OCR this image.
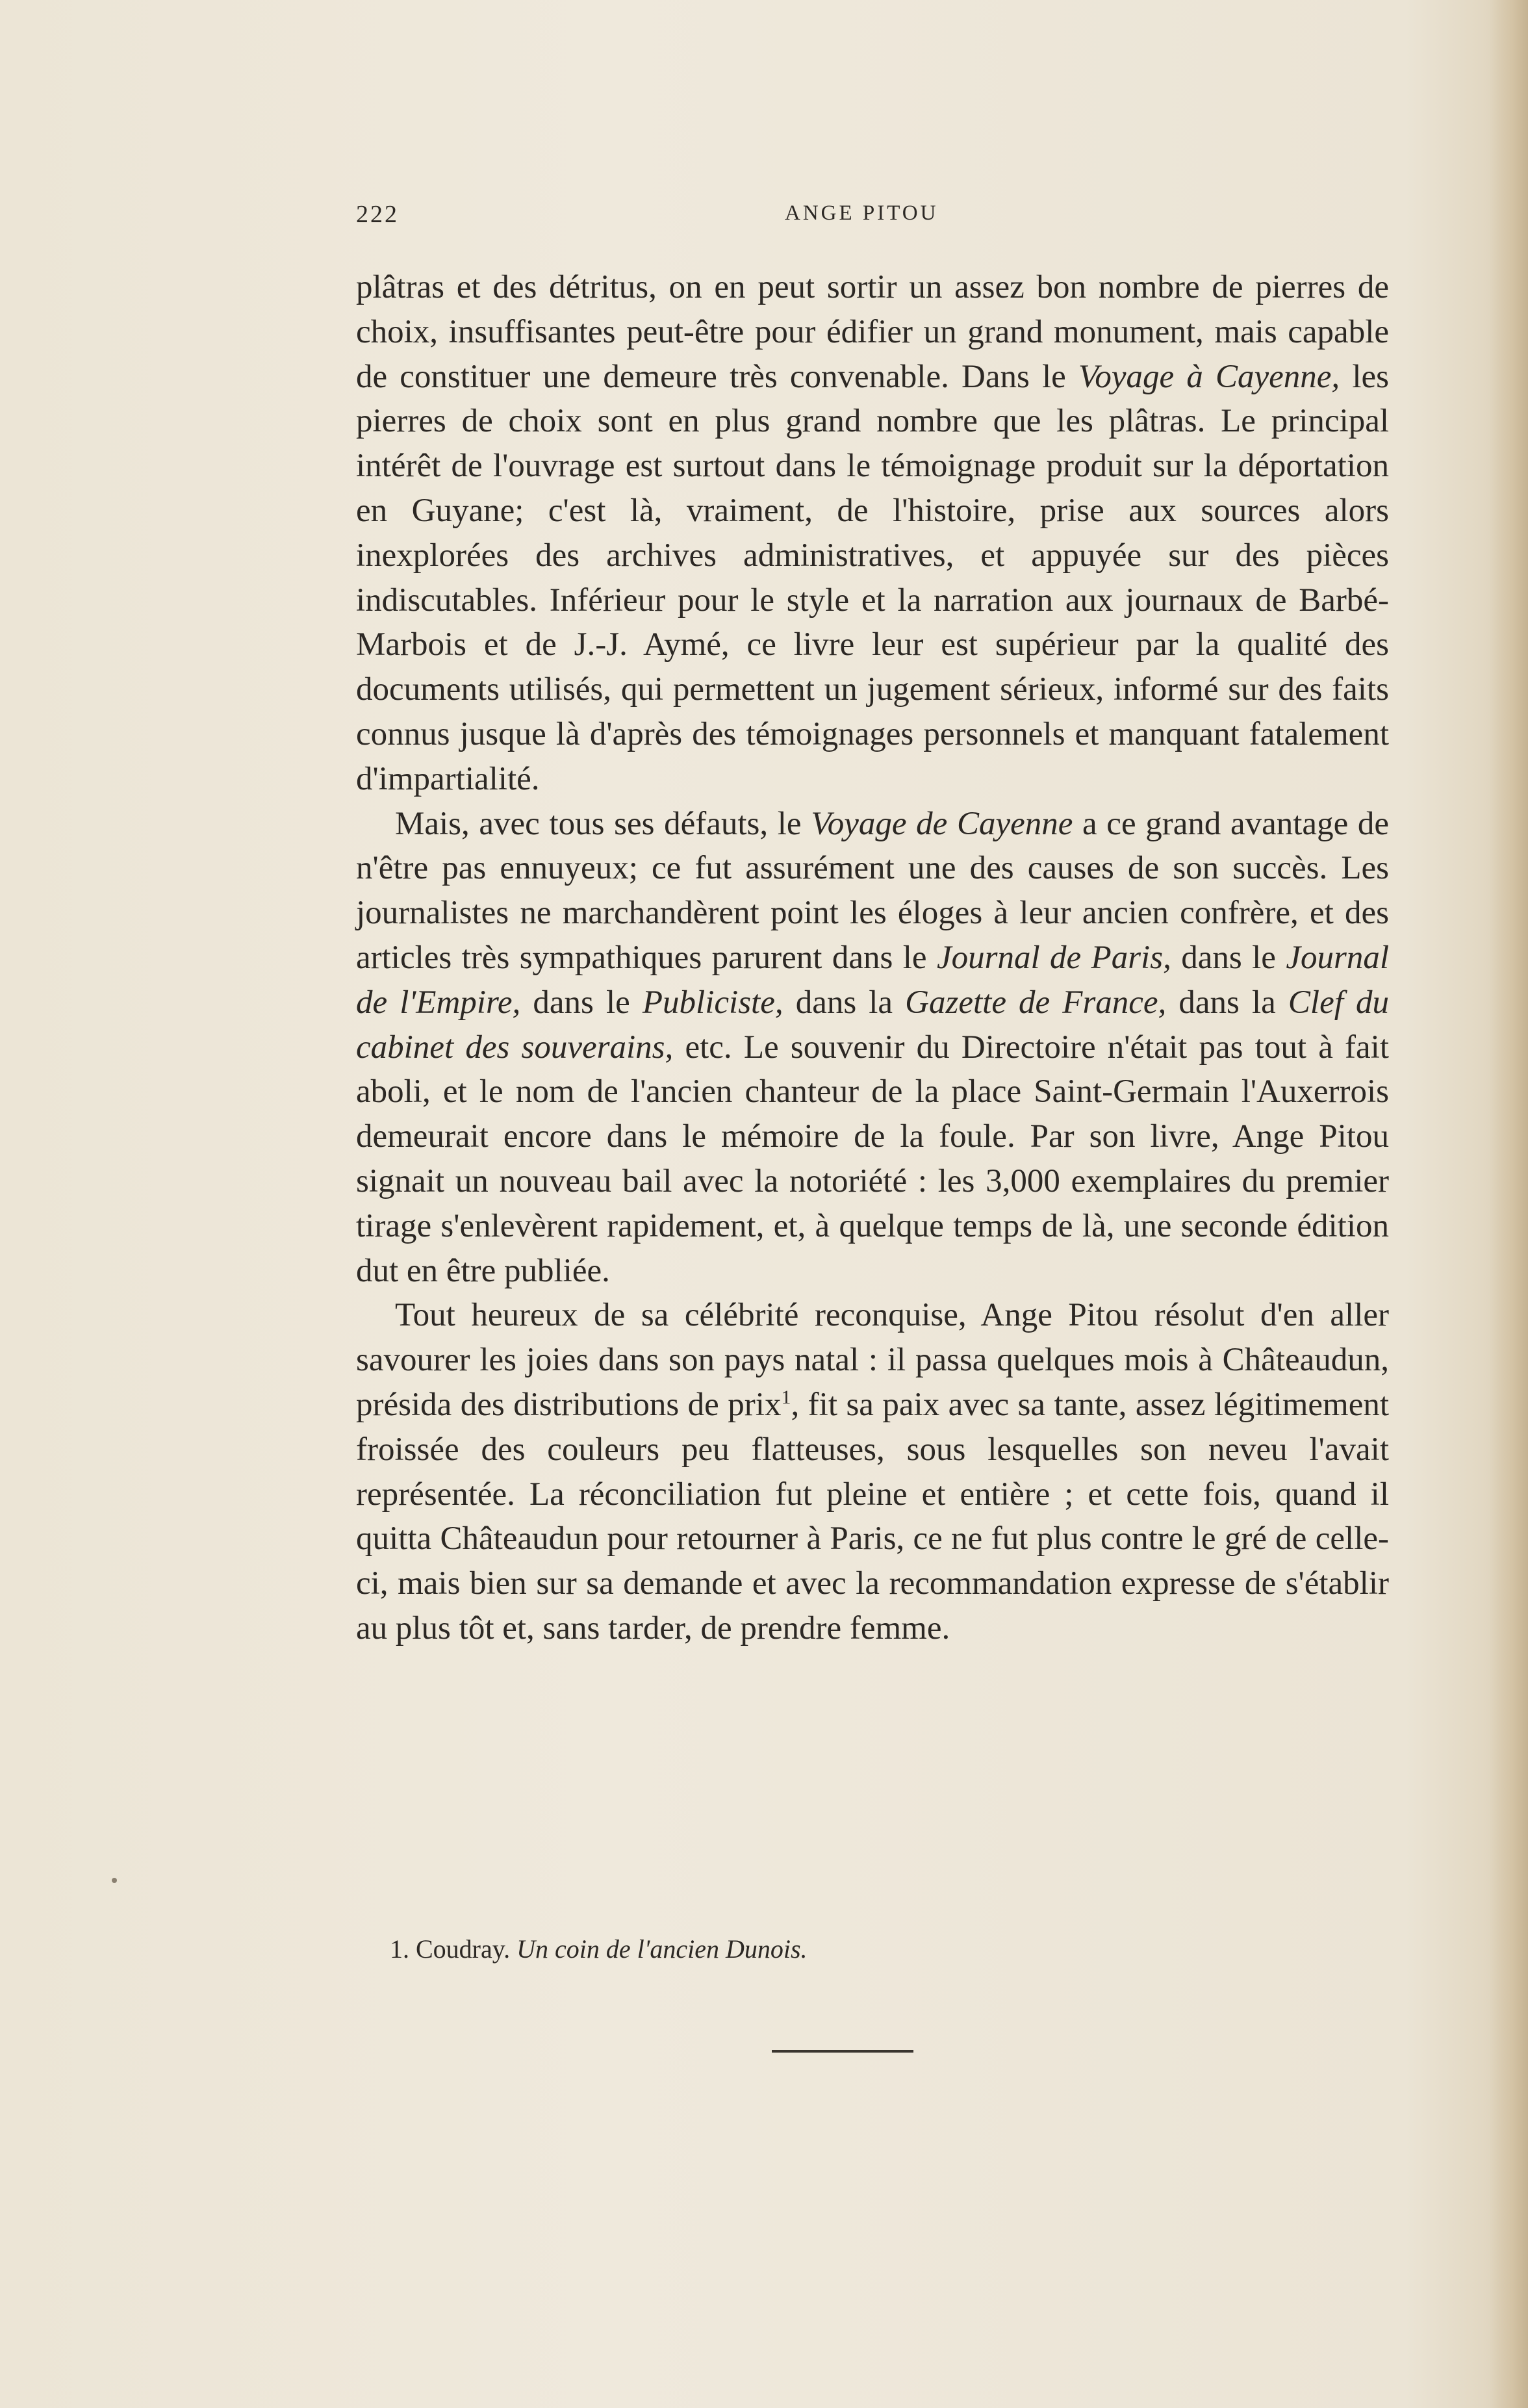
222	ANGE PITOU

plâtras et des détritus, on en peut sortir un assez bon nombre de pierres de choix, insuffisantes peut-être pour édifier un grand monument, mais capable de constituer une demeure très convenable. Dans le Voyage à Cayenne, les pierres de choix sont en plus grand nombre que les plâtras. Le principal intérêt de l'ouvrage est surtout dans le témoignage produit sur la déportation en Guyane; c'est là, vraiment, de l'histoire, prise aux sources alors inexplorées des archives administratives, et appuyée sur des pièces indiscutables. Inférieur pour le style et la narration aux journaux de Barbé-Marbois et de J.-J. Aymé, ce livre leur est supérieur par la qualité des documents utilisés, qui permettent un jugement sérieux, informé sur des faits connus jusque là d'après des témoignages personnels et manquant fatalement d'impartialité.

Mais, avec tous ses défauts, le Voyage de Cayenne a ce grand avantage de n'être pas ennuyeux; ce fut assurément une des causes de son succès. Les journalistes ne marchandèrent point les éloges à leur ancien confrère, et des articles très sympathiques parurent dans le Journal de Paris, dans le Journal de l'Empire, dans le Publiciste, dans la Gazette de France, dans la Clef du cabinet des souverains, etc. Le souvenir du Directoire n'était pas tout à fait aboli, et le nom de l'ancien chanteur de la place Saint-Germain l'Auxerrois demeurait encore dans le mémoire de la foule. Par son livre, Ange Pitou signait un nouveau bail avec la notoriété : les 3,000 exemplaires du premier tirage s'enlevèrent rapidement, et, à quelque temps de là, une seconde édition dut en être publiée.

Tout heureux de sa célébrité reconquise, Ange Pitou résolut d'en aller savourer les joies dans son pays natal : il passa quelques mois à Châteaudun, présida des distributions de prix$^1$, fit sa paix avec sa tante, assez légitimement froissée des couleurs peu flatteuses, sous lesquelles son neveu l'avait représentée. La réconciliation fut pleine et entière ; et cette fois, quand il quitta Châteaudun pour retourner à Paris, ce ne fut plus contre le gré de celle-ci, mais bien sur sa demande et avec la recommandation expresse de s'établir au plus tôt et, sans tarder, de prendre femme.

1. Coudray. Un coin de l'ancien Dunois.
